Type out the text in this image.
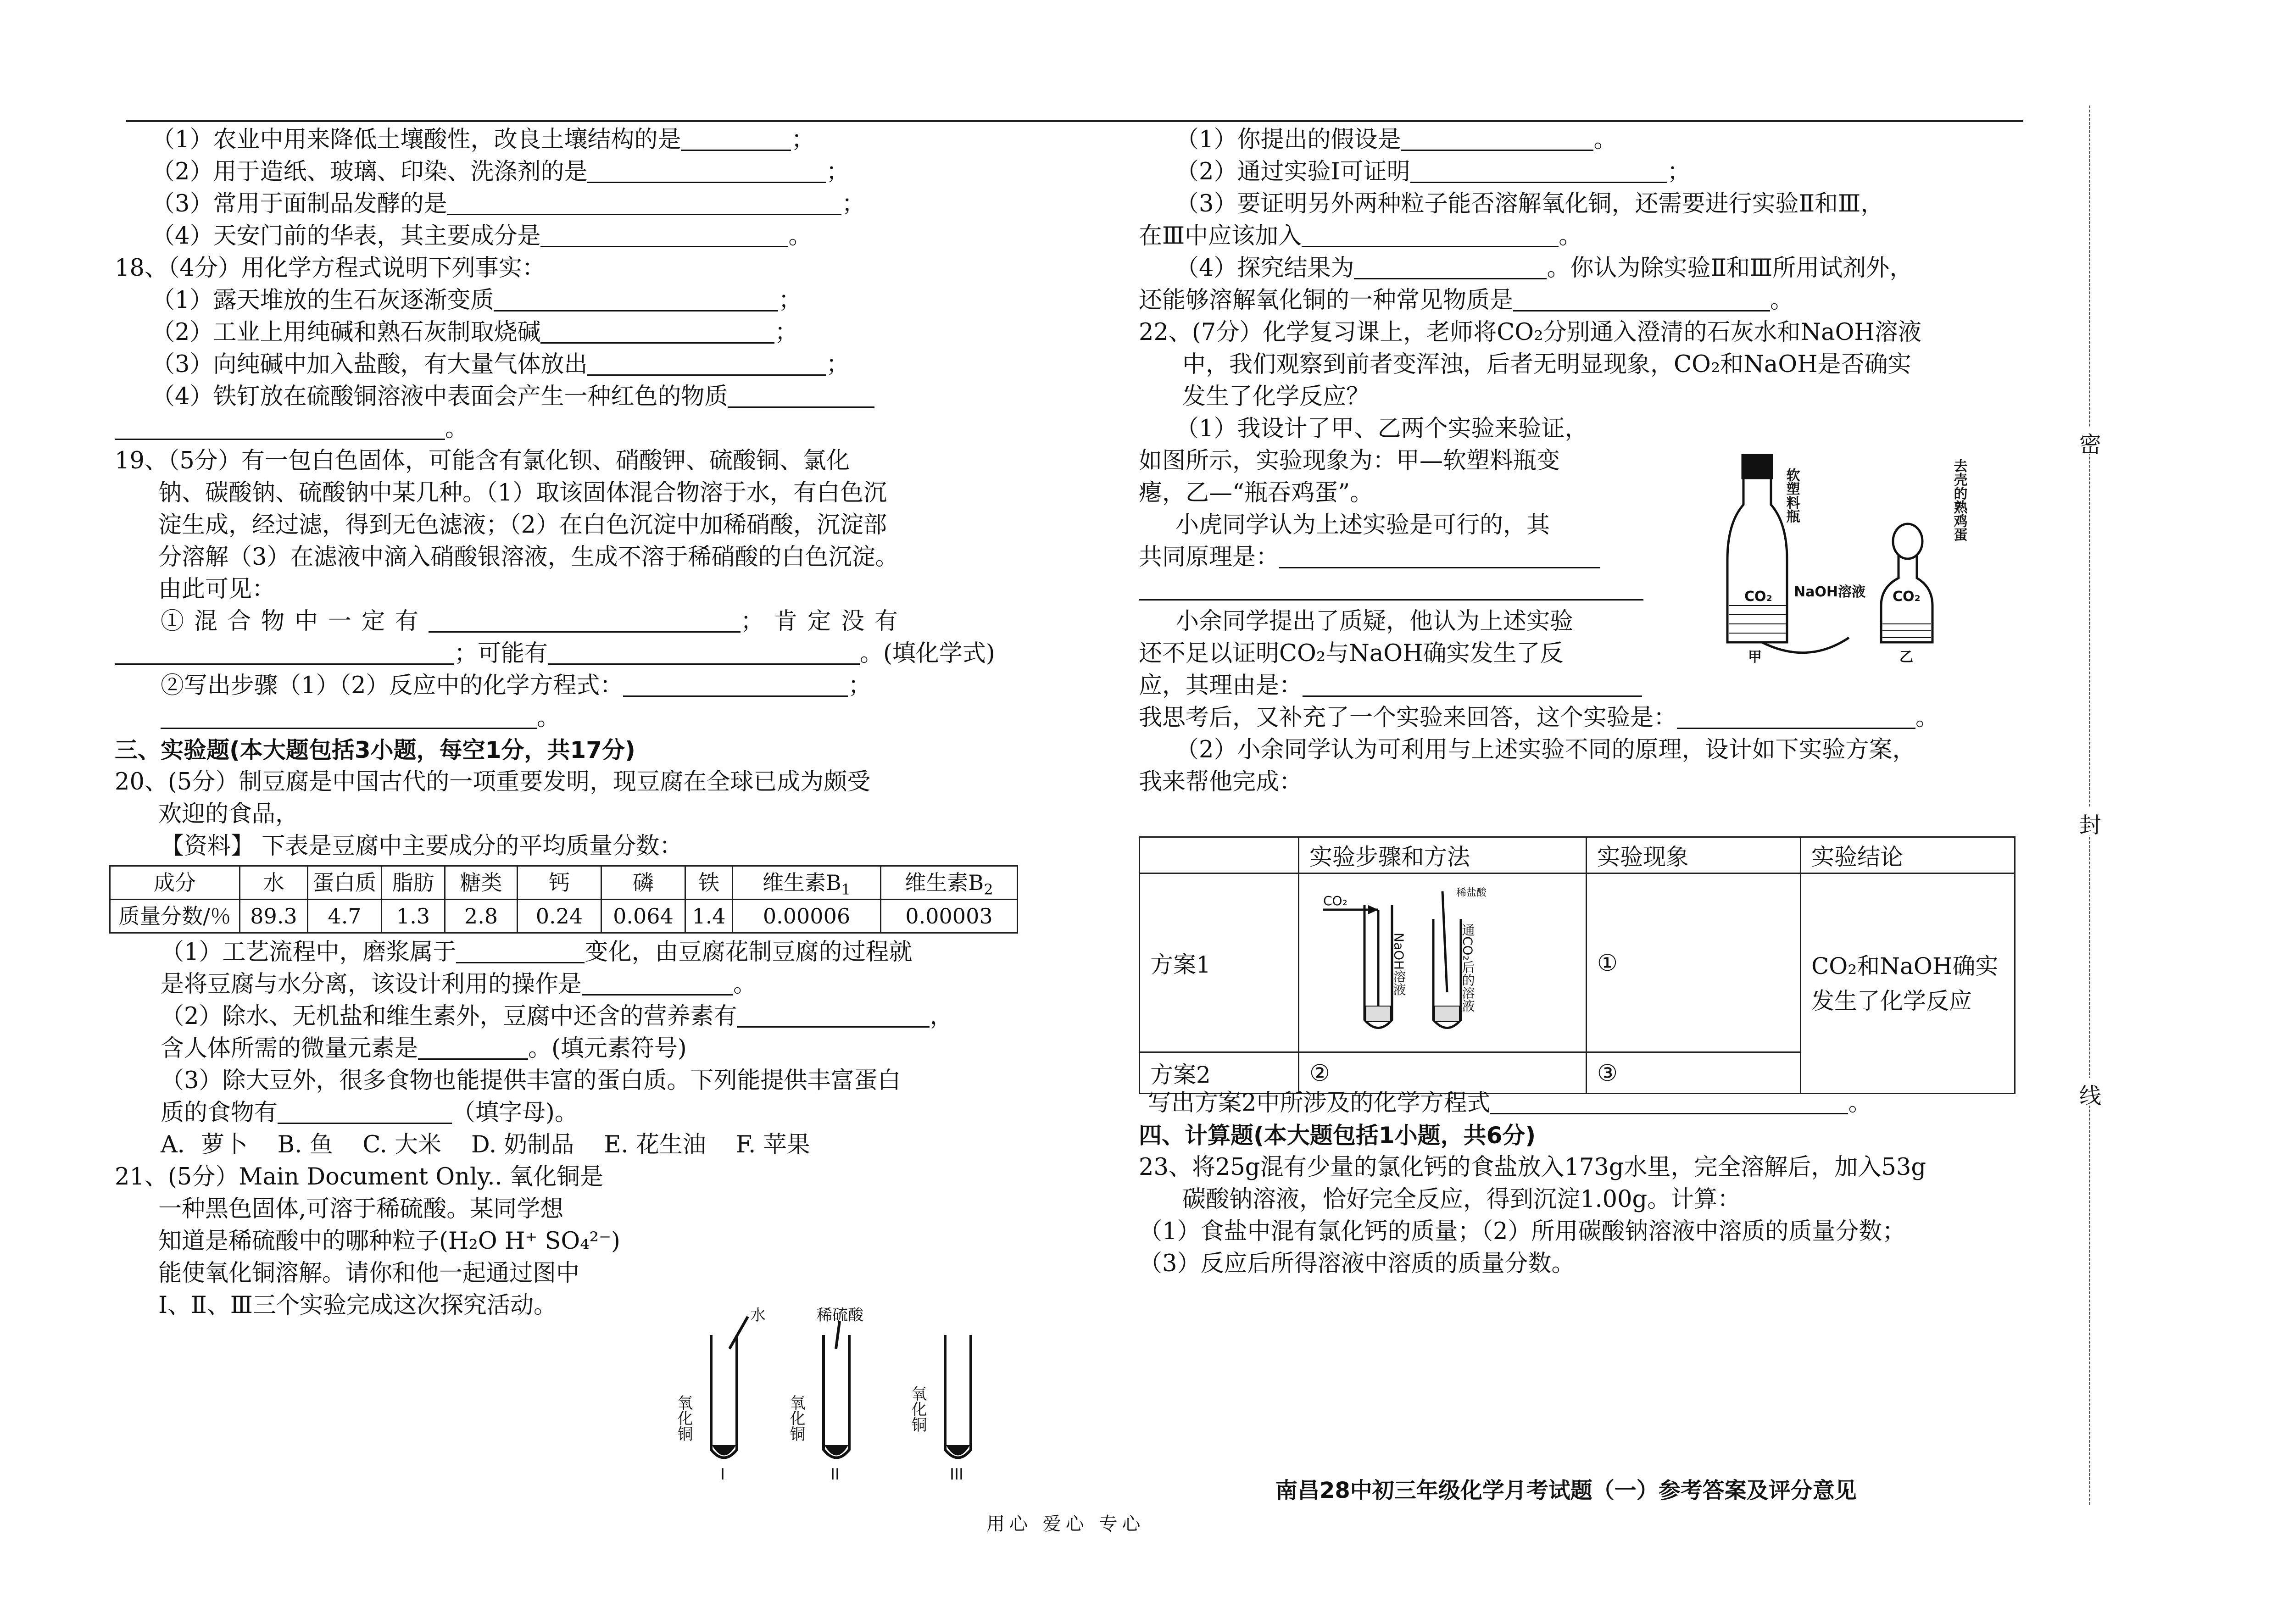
（1）农业中用来降低土壤酸性，改良土壤结构的是	；
（2）用于造纸、玻璃、印染、洗涤剂的是	；
（3）常用于面制品发酵的是	；
（4）天安门前的华表，其主要成分是	。
18、（4分）用化学方程式说明下列事实：
（1）露天堆放的生石灰逐渐变质	；
（2）工业上用纯碱和熟石灰制取烧碱	；
（3）向纯碱中加入盐酸，有大量气体放出	；
（4）铁钉放在硫酸铜溶液中表面会产生一种红色的物质
。
19、（5分）有一包白色固体，可能含有氯化钡、硝酸钾、硫酸铜、氯化
钠、碳酸钠、硫酸钠中某几种。（1）取该固体混合物溶于水，有白色沉
淀生成，经过滤，得到无色滤液；（2）在白色沉淀中加稀硝酸，沉淀部
分溶解（3）在滤液中滴入硝酸银溶液，生成不溶于稀硝酸的白色沉淀。
由此可见：
①混合物中一定有	；肯定没有
；可能有	。(填化学式)
②写出步骤（1）（2）反应中的化学方程式：	；
。
三、实验题(本大题包括3小题，每空1分，共17分)
20、(5分）制豆腐是中国古代的一项重要发明，现豆腐在全球已成为颇受
欢迎的食品，
【资料】 下表是豆腐中主要成分的平均质量分数：
成分	水	蛋白质	脂肪	糖类	钙	磷	铁	维生素$B_1$	维生素$B_2$
质量分数/％	89.3	4.7	1.3	2.8	0.24	0.064	1.4	0.00006	0.00003
（1）工艺流程中，磨浆属于	变化，由豆腐花制豆腐的过程就
是将豆腐与水分离，该设计利用的操作是	。
（2）除水、无机盐和维生素外，豆腐中还含的营养素有	，
含人体所需的微量元素是	。(填元素符号)
（3）除大豆外，很多食物也能提供丰富的蛋白质。下列能提供丰富蛋白
质的食物有	（填字母)。
A．萝卜    B. 鱼    C. 大米    D. 奶制品    E. 花生油    F. 苹果
21、(5分）Main Document Only.. 氧化铜是
一种黑色固体,可溶于稀硫酸。某同学想
知道是稀硫酸中的哪种粒子(H₂O H⁺ SO₄²⁻)
能使氧化铜溶解。请你和他一起通过图中
Ⅰ、Ⅱ、Ⅲ三个实验完成这次探究活动。	水	稀硫酸
氧化铜	氧化铜	氧化铜
I	II	III
（1）你提出的假设是	。
（2）通过实验Ⅰ可证明	；
（3）要证明另外两种粒子能否溶解氧化铜，还需要进行实验Ⅱ和Ⅲ，
在Ⅲ中应该加入	。
（4）探究结果为	。你认为除实验Ⅱ和Ⅲ所用试剂外，
还能够溶解氧化铜的一种常见物质是	。
22、(7分）化学复习课上，老师将CO₂分别通入澄清的石灰水和NaOH溶液
中，我们观察到前者变浑浊，后者无明显现象，CO₂和NaOH是否确实
发生了化学反应？
（1）我设计了甲、乙两个实验来验证，
如图所示，实验现象为：甲—软塑料瓶变
瘪，乙—“瓶吞鸡蛋”。
小虎同学认为上述实验是可行的，其
共同原理是：
小余同学提出了质疑，他认为上述实验
还不足以证明CO₂与NaOH确实发生了反
应，其理由是：
我思考后，又补充了一个实验来回答，这个实验是：	。
（2）小余同学认为可利用与上述实验不同的原理，设计如下实验方案，
我来帮他完成：
软塑料瓶	去壳的熟鸡蛋
CO₂	CO₂
NaOH溶液
甲	乙
	实验步骤和方法	实验现象	实验结论
方案1	CO₂
NaOH溶液
稀盐酸
通CO₂后的溶液	①	CO₂和NaOH确实发生了化学反应
方案2	②	③	
写出方案2中所涉及的化学方程式	。
四、计算题(本大题包括1小题，共6分)
23、将25g混有少量的氯化钙的食盐放入173g水里，完全溶解后，加入53g
碳酸钠溶液，恰好完全反应，得到沉淀1.00g。计算：
（1）食盐中混有氯化钙的质量；（2）所用碳酸钠溶液中溶质的质量分数；
（3）反应后所得溶液中溶质的质量分数。
南昌28中初三年级化学月考试题（一）参考答案及评分意见
用心 爱心 专心
密
封
线
